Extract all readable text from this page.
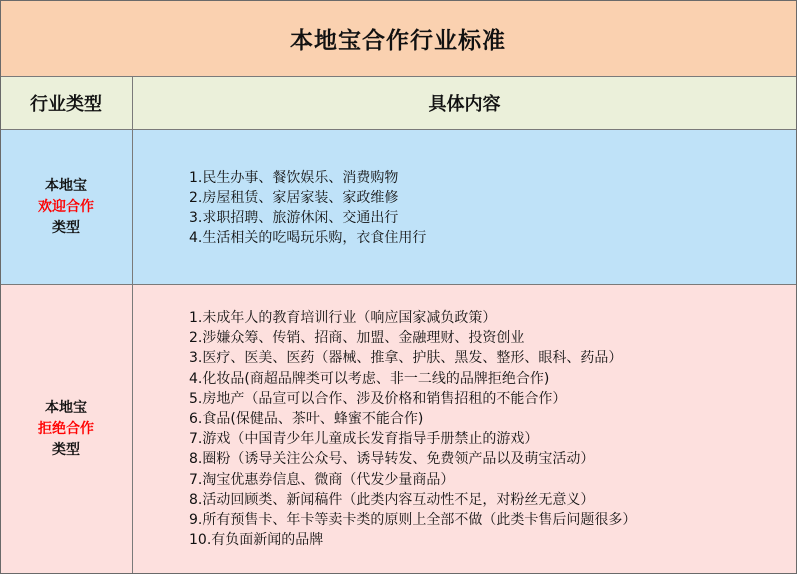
本地宝合作行业标准
行业类型	具体内容
本地宝
欢迎合作
类型
1.民生办事、餐饮娱乐、消费购物
2.房屋租赁、家居家装、家政维修
3.求职招聘、旅游休闲、交通出行
4.生活相关的吃喝玩乐购，衣食住用行
本地宝
拒绝合作
类型
1.未成年人的教育培训行业（响应国家减负政策）
2.涉嫌众筹、传销、招商、加盟、金融理财、投资创业
3.医疗、医美、医药（器械、推拿、护肤、黑发、整形、眼科、药品）
4.化妆品(商超品牌类可以考虑、非一二线的品牌拒绝合作)
5.房地产（品宣可以合作、涉及价格和销售招租的不能合作）
6.食品(保健品、茶叶、蜂蜜不能合作)
7.游戏（中国青少年儿童成长发育指导手册禁止的游戏）
8.圈粉（诱导关注公众号、诱导转发、免费领产品以及萌宝活动）
7.淘宝优惠券信息、微商（代发少量商品）
8.活动回顾类、新闻稿件（此类内容互动性不足，对粉丝无意义）
9.所有预售卡、年卡等卖卡类的原则上全部不做（此类卡售后问题很多）
10.有负面新闻的品牌
